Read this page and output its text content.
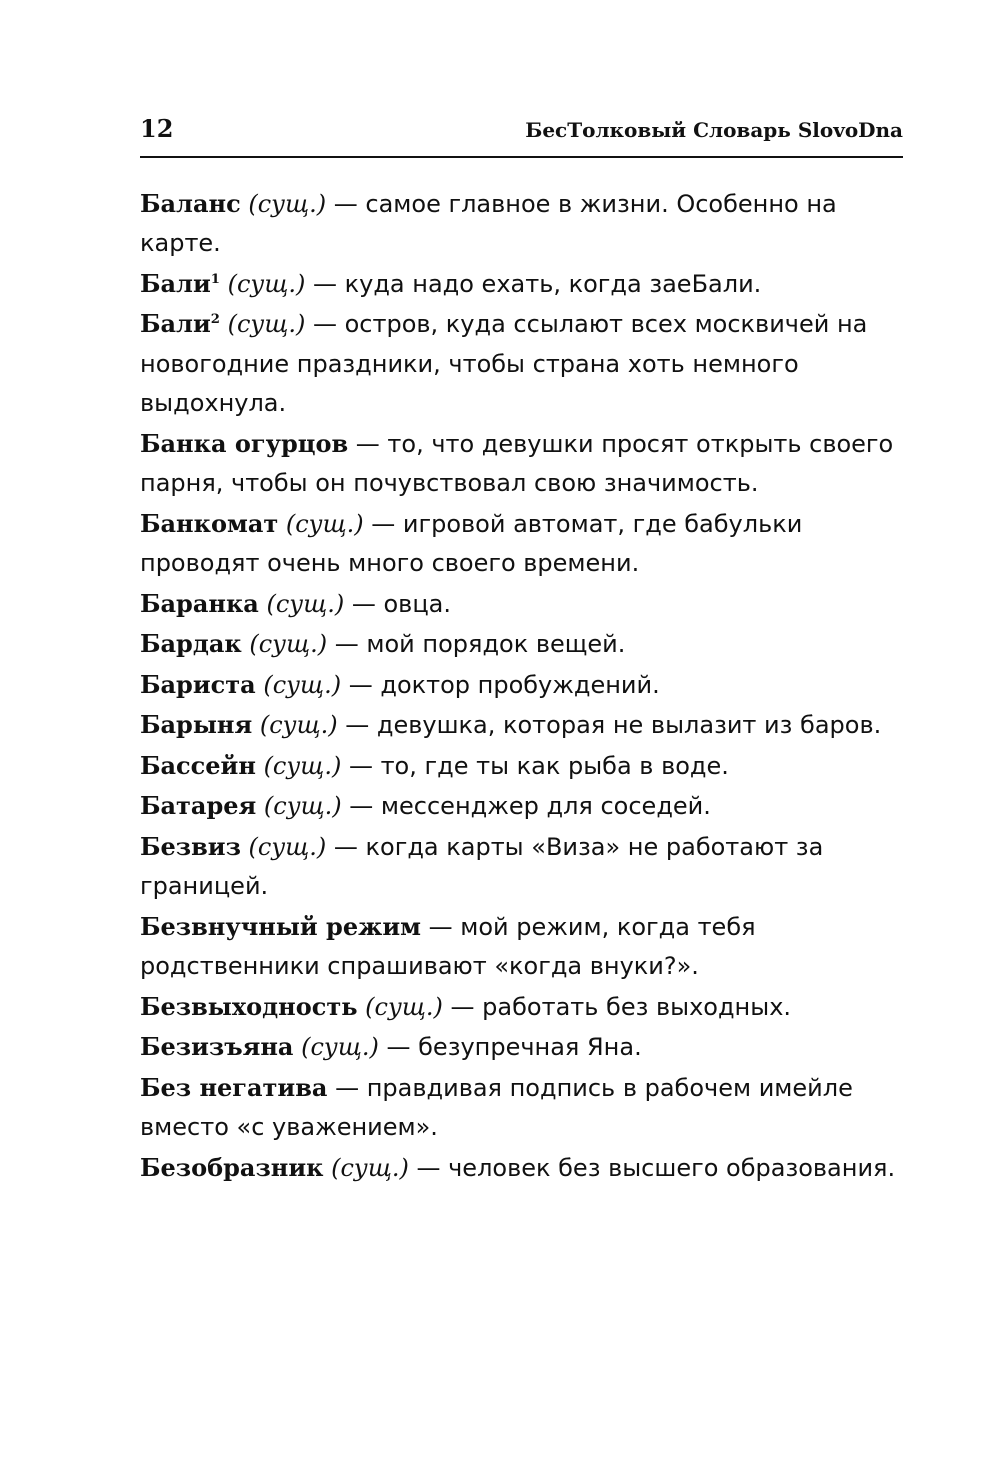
12	БесТолковый Словарь SlovoDna

Баланс (сущ.) — самое главное в жизни. Особенно на карте.

Бали$^1$ (сущ.) — куда надо ехать, когда заеБали.

Бали$^2$ (сущ.) — остров, куда ссылают всех москвичей на новогодние праздники, чтобы страна хоть немного выдохнула.

Банка огурцов — то, что девушки просят открыть своего парня, чтобы он почувствовал свою значимость.

Банкомат (сущ.) — игровой автомат, где бабульки проводят очень много своего времени.

Баранка (сущ.) — овца.

Бардак (сущ.) — мой порядок вещей.

Бариста (сущ.) — доктор пробуждений.

Барыня (сущ.) — девушка, которая не вылазит из баров.

Бассейн (сущ.) — то, где ты как рыба в воде.

Батарея (сущ.) — мессенджер для соседей.

Безвиз (сущ.) — когда карты «Виза» не работают за границей.

Безвнучный режим — мой режим, когда тебя родственники спрашивают «когда внуки?».

Безвыходность (сущ.) — работать без выходных.

Безизъяна (сущ.) — безупречная Яна.

Без негатива — правдивая подпись в рабочем имейле вместо «с уважением».

Безобразник (сущ.) — человек без высшего образования.
